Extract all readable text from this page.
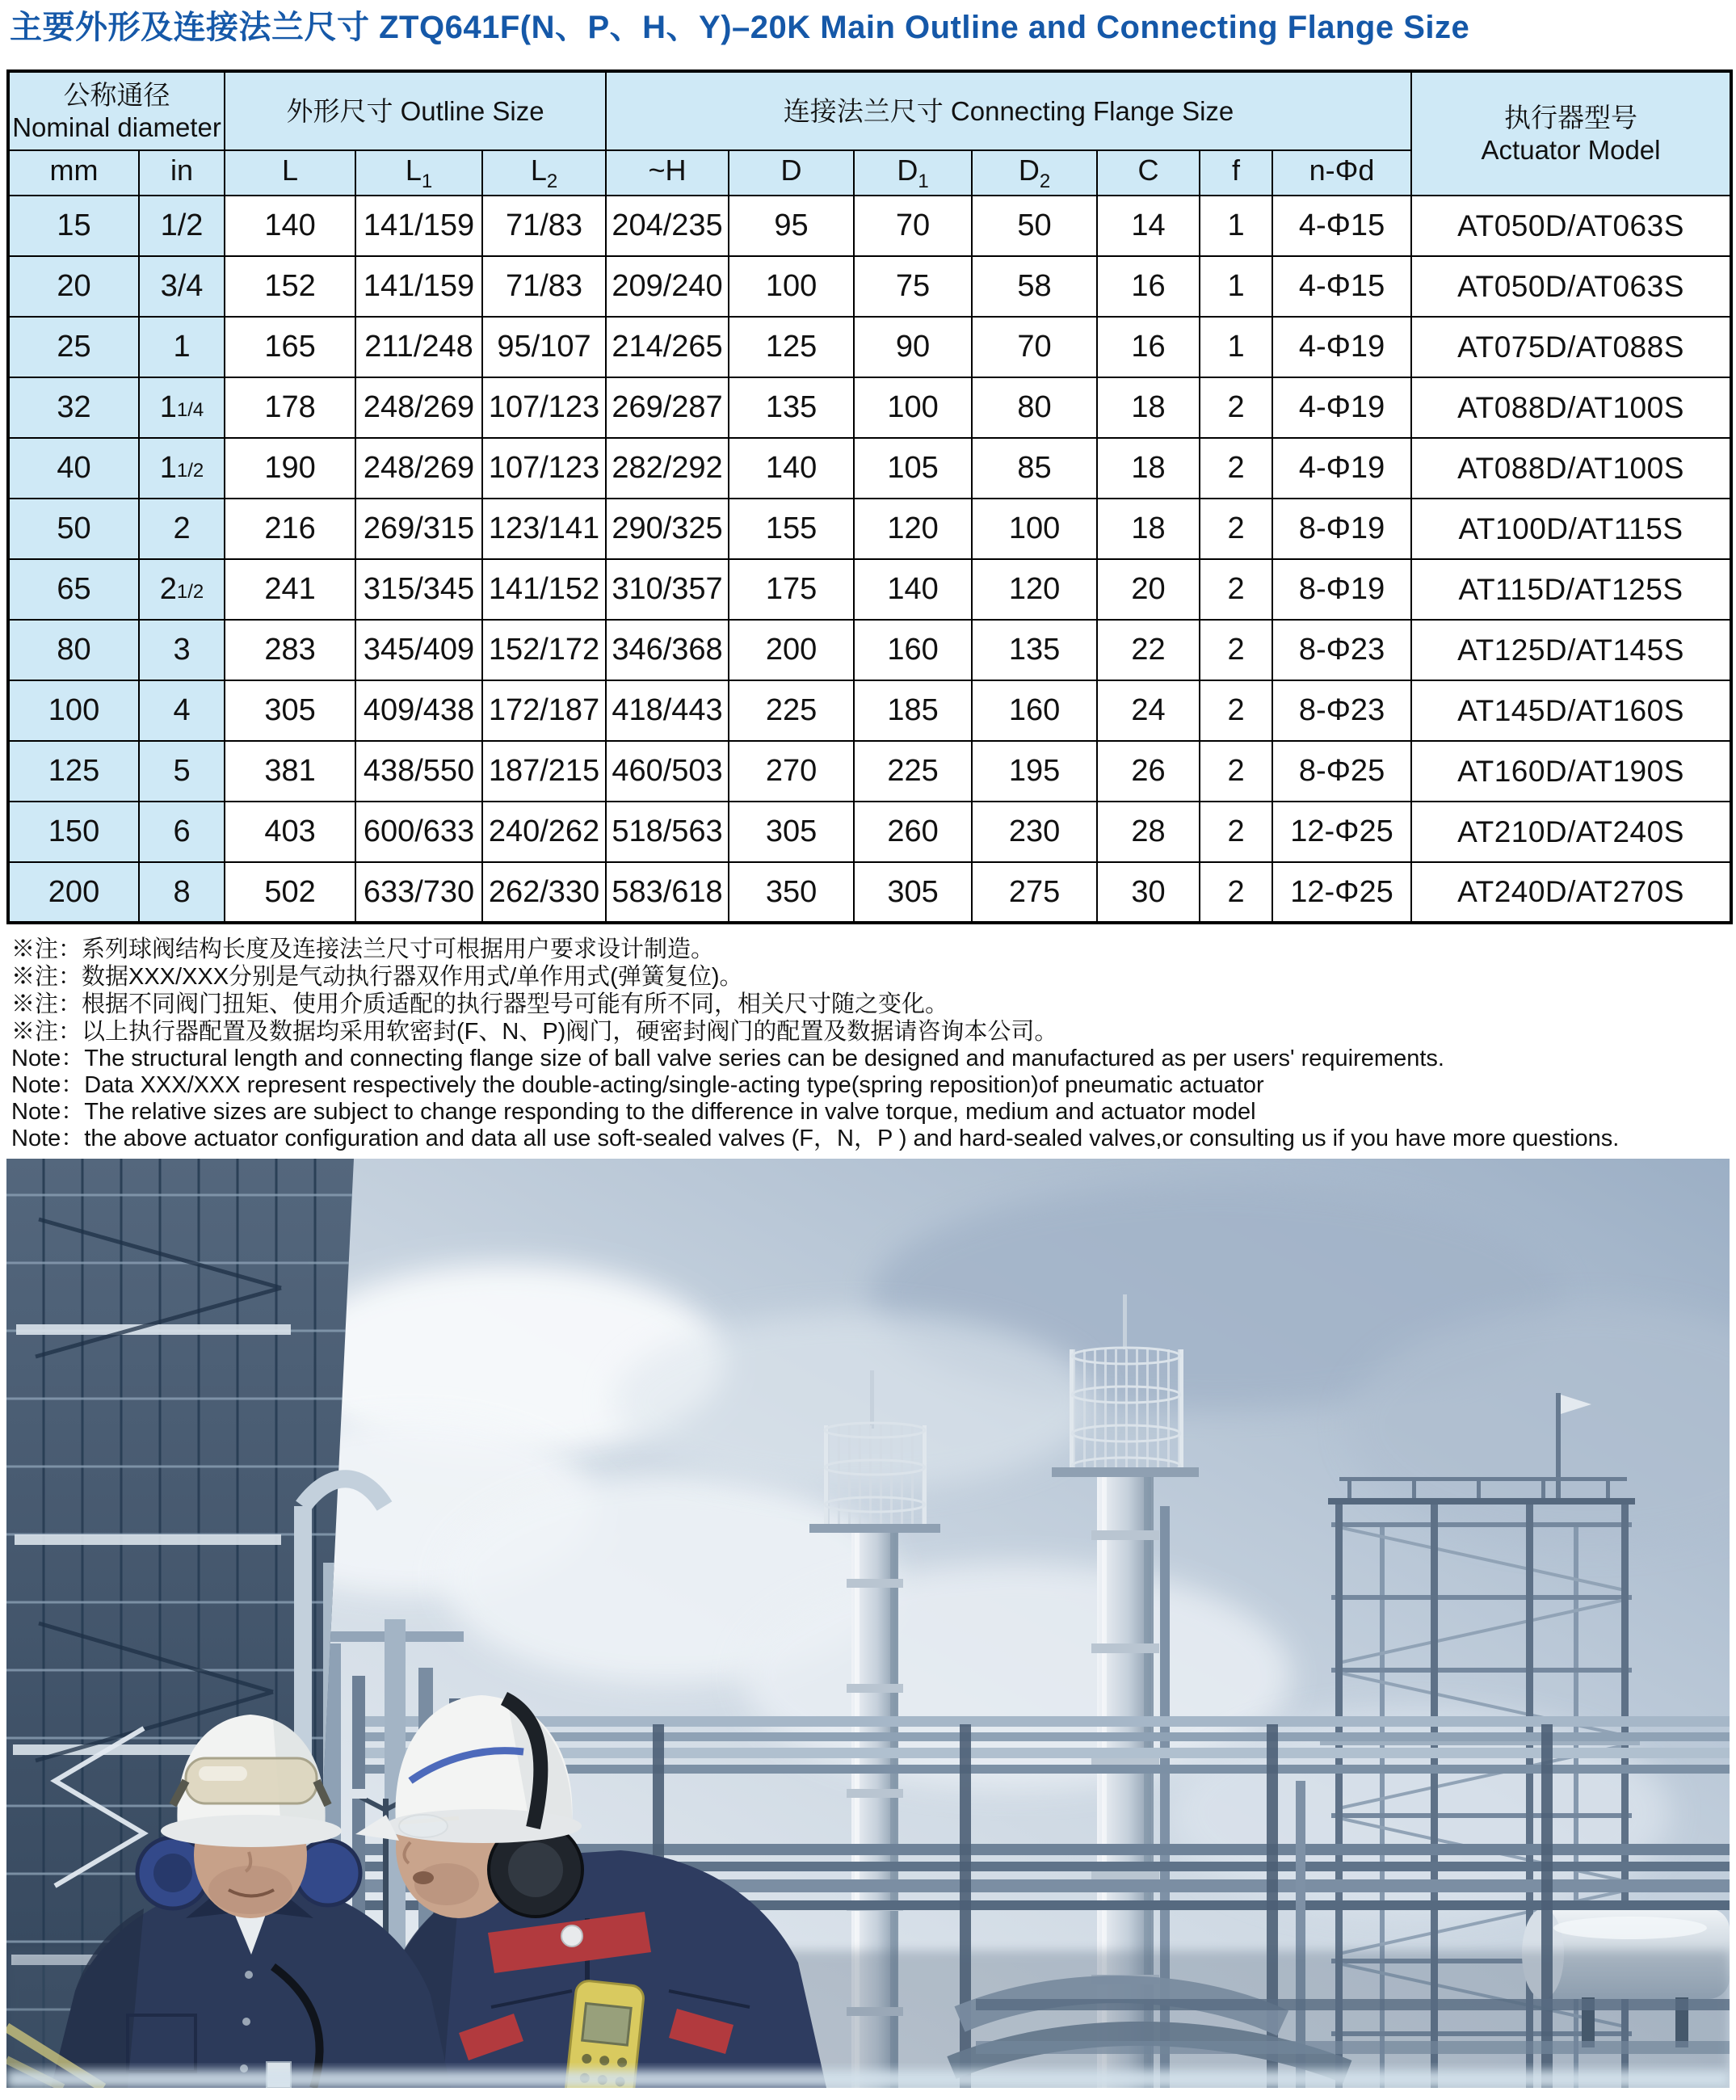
主要外形及连接法兰尺寸 ZTQ641F(N、P、H、Y)–20K Main Outline and Connecting Flange Size
公称通径
Nominal diameter
	外形尺寸 Outline Size	连接法兰尺寸 Connecting Flange Size	执行器型号
Actuator Model

mm	in	L	$L_1$	$L_2$	~H	D	$D_1$	$D_2$	C	f	n-Φd	
15	1/2	140	141/159	71/83	204/235	95	70	50	14	1	4-Φ15	AT050D/AT063S
20	3/4	152	141/159	71/83	209/240	100	75	58	16	1	4-Φ15	AT050D/AT063S
25	1	165	211/248	95/107	214/265	125	90	70	16	1	4-Φ19	AT075D/AT088S
32	11/4	178	248/269	107/123	269/287	135	100	80	18	2	4-Φ19	AT088D/AT100S
40	11/2	190	248/269	107/123	282/292	140	105	85	18	2	4-Φ19	AT088D/AT100S
50	2	216	269/315	123/141	290/325	155	120	100	18	2	8-Φ19	AT100D/AT115S
65	21/2	241	315/345	141/152	310/357	175	140	120	20	2	8-Φ19	AT115D/AT125S
80	3	283	345/409	152/172	346/368	200	160	135	22	2	8-Φ23	AT125D/AT145S
100	4	305	409/438	172/187	418/443	225	185	160	24	2	8-Φ23	AT145D/AT160S
125	5	381	438/550	187/215	460/503	270	225	195	26	2	8-Φ25	AT160D/AT190S
150	6	403	600/633	240/262	518/563	305	260	230	28	2	12-Φ25	AT210D/AT240S
200	8	502	633/730	262/330	583/618	350	305	275	30	2	12-Φ25	AT240D/AT270S
※注：系列球阀结构长度及连接法兰尺寸可根据用户要求设计制造。
※注：数据XXX/XXX分别是气动执行器双作用式/单作用式(弹簧复位)。
※注：根据不同阀门扭矩、使用介质适配的执行器型号可能有所不同，相关尺寸随之变化。
※注：以上执行器配置及数据均采用软密封(F、N、P)阀门，硬密封阀门的配置及数据请咨询本公司。
Note：The structural length and connecting flange size of ball valve series can be designed and manufactured as per users' requirements.
Note：Data XXX/XXX represent respectively the double-acting/single-acting type(spring reposition)of pneumatic actuator
Note：The relative sizes are subject to change responding to the difference in valve torque, medium and actuator model
Note：the above actuator configuration and data all use soft-sealed valves (F，N，P ) and hard-sealed valves,or consulting us if you have more questions.
